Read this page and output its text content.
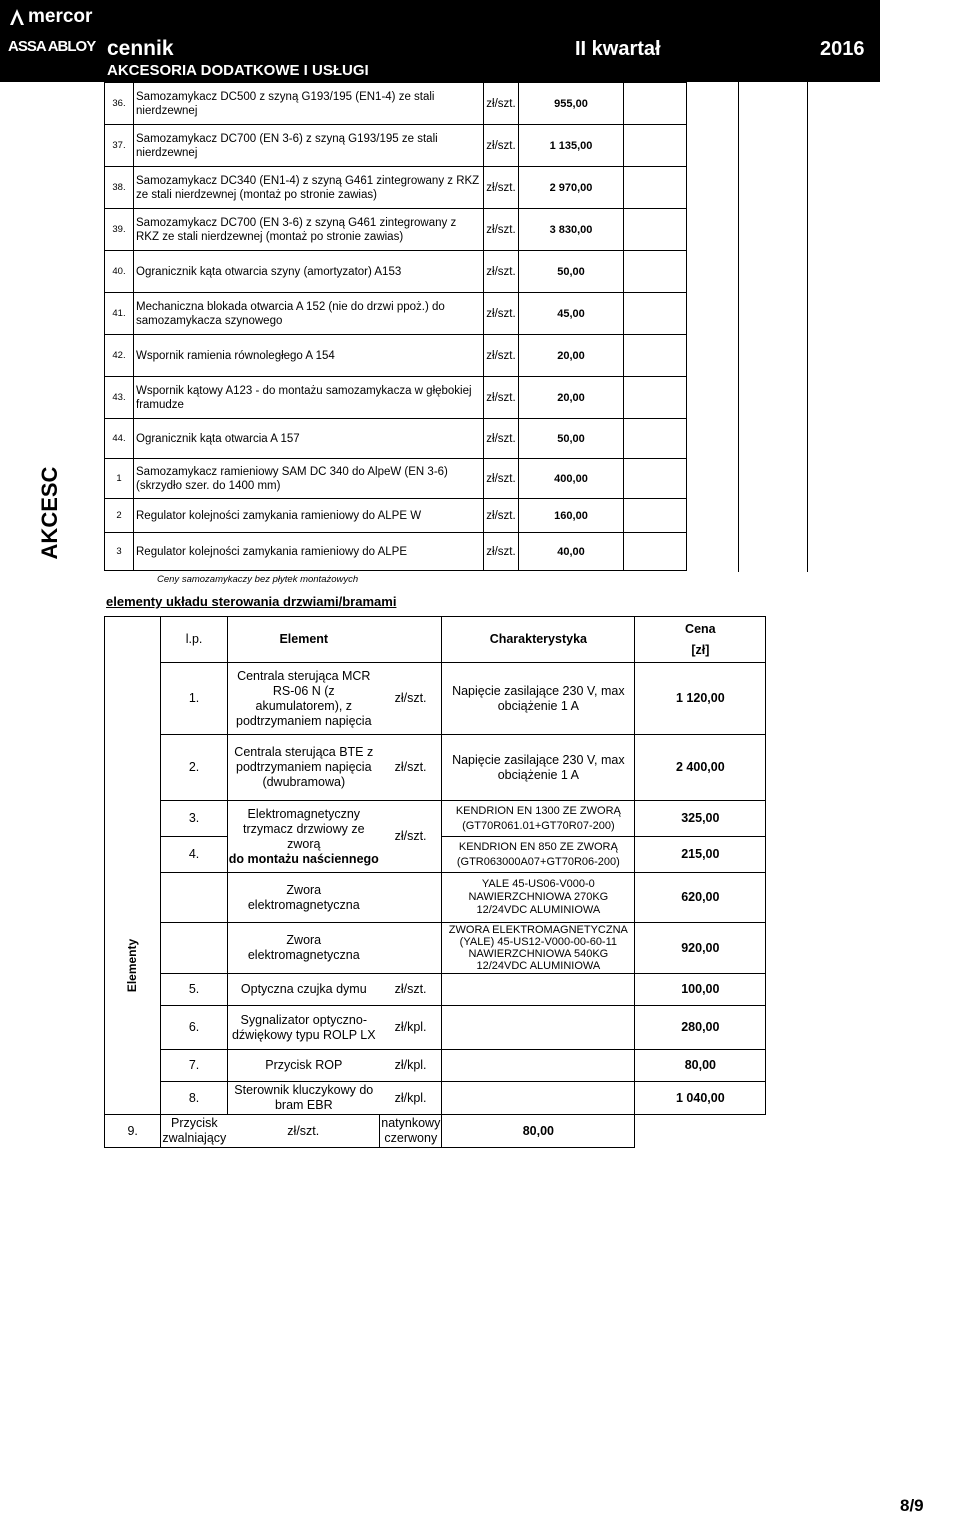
mercor
ASSA ABLOY cennik	II kwartał	2016
AKCESORIA DODATKOWE I USŁUGI
AKCESC
36.	Samozamykacz DC500 z szyną G193/195 (EN1-4) ze stali nierdzewnej	zł/szt.	955,00	
37.	Samozamykacz DC700 (EN 3-6) z szyną G193/195 ze stali nierdzewnej	zł/szt.	1 135,00	
38.	Samozamykacz DC340 (EN1-4) z szyną G461 zintegrowany z RKZ ze stali nierdzewnej (montaż po stronie zawias)	zł/szt.	2 970,00	
39.	Samozamykacz DC700 (EN 3-6) z szyną G461 zintegrowany z RKZ ze stali nierdzewnej (montaż po stronie zawias)	zł/szt.	3 830,00	
40.	Ogranicznik kąta otwarcia szyny (amortyzator) A153	zł/szt.	50,00	
41.	Mechaniczna blokada otwarcia A 152 (nie do drzwi ppoż.) do samozamykacza szynowego	zł/szt.	45,00	
42.	Wspornik ramienia równoległego A 154	zł/szt.	20,00	
43.	Wspornik kątowy A123 - do montażu samozamykacza w głębokiej framudze	zł/szt.	20,00	
44.	Ogranicznik kąta otwarcia A 157	zł/szt.	50,00	
1	Samozamykacz ramieniowy SAM DC 340 do AlpeW (EN 3-6) (skrzydło szer. do 1400 mm)	zł/szt.	400,00	
2	Regulator kolejności zamykania ramieniowy do ALPE W	zł/szt.	160,00	
3	Regulator kolejności zamykania ramieniowy do ALPE	zł/szt.	40,00	
Ceny samozamykaczy bez płytek montażowych
elementy układu sterowania drzwiami/bramami
Elementy	l.p.	Element		Charakterystyka	Cena
[zł]

	1.	Centrala sterująca MCR RS-06 N (z akumulatorem), z podtrzymaniem napięcia	zł/szt.	Napięcie zasilające 230 V, max obciążenie 1 A	1 120,00
	2.	Centrala sterująca BTE z podtrzymaniem napięcia (dwubramowa)	zł/szt.	Napięcie zasilające 230 V, max obciążenie 1 A	2 400,00
	3.	Elektromagnetyczny trzymacz drzwiowy ze zworą
do montażu naściennego	zł/szt.	KENDRION EN 1300 ZE ZWORĄ (GT70R061.01+GT70R07-200)	325,00
	4.			KENDRION EN 850 ZE ZWORĄ (GTR063000A07+GT70R06-200)	215,00
		Zwora elektromagnetyczna		YALE 45-US06-V000-0 NAWIERZCHNIOWA 270KG 12/24VDC ALUMINIOWA	620,00
		Zwora elektromagnetyczna		ZWORA ELEKTROMAGNETYCZNA (YALE) 45-US12-V000-00-60-11 NAWIERZCHNIOWA 540KG 12/24VDC ALUMINIOWA	920,00
	5.	Optyczna czujka dymu	zł/szt.		100,00
	6.	Sygnalizator optyczno-dźwiękowy typu ROLP LX	zł/kpl.		280,00
	7.	Przycisk ROP	zł/kpl.		80,00
	8.	Sterownik kluczykowy do bram EBR	zł/kpl.		1 040,00
9.	Przycisk zwalniający	zł/szt.	natynkowy czerwony	80,00	
8/9
